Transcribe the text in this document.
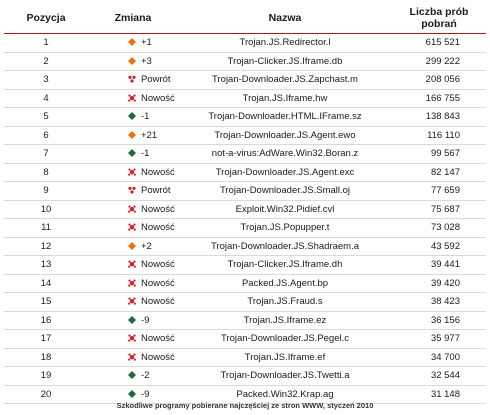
Pozycja	Zmiana	Nazwa	Liczba prób
pobrań
1	+1	Trojan.JS.Redirector.l	615 521
2	+3	Trojan-Clicker.JS.Iframe.db	299 222
3	Powrót	Trojan-Downloader.JS.Zapchast.m	208 056
4	Nowość	Trojan.JS.Iframe.hw	166 755
5	-1	Trojan-Downloader.HTML.IFrame.sz	138 843
6	+21	Trojan-Downloader.JS.Agent.ewo	116 110
7	-1	not-a-virus:AdWare.Win32.Boran.z	99 567
8	Nowość	Trojan-Downloader.JS.Agent.exc	82 147
9	Powrót	Trojan-Downloader.JS.Small.oj	77 659
10	Nowość	Exploit.Win32.Pidief.cvl	75 687
11	Nowość	Trojan.JS.Popupper.t	73 028
12	+2	Trojan-Downloader.JS.Shadraem.a	43 592
13	Nowość	Trojan-Clicker.JS.Iframe.dh	39 441
14	Nowość	Packed.JS.Agent.bp	39 420
15	Nowość	Trojan.JS.Fraud.s	38 423
16	-9	Trojan.JS.Iframe.ez	36 156
17	Nowość	Trojan-Downloader.JS.Pegel.c	35 977
18	Nowość	Trojan.JS.Iframe.ef	34 700
19	-2	Trojan-Downloader.JS.Twetti.a	32 544
20	-9	Packed.Win32.Krap.ag	31 148
Szkodliwe programy pobierane najczęściej ze stron WWW, styczeń 2010
